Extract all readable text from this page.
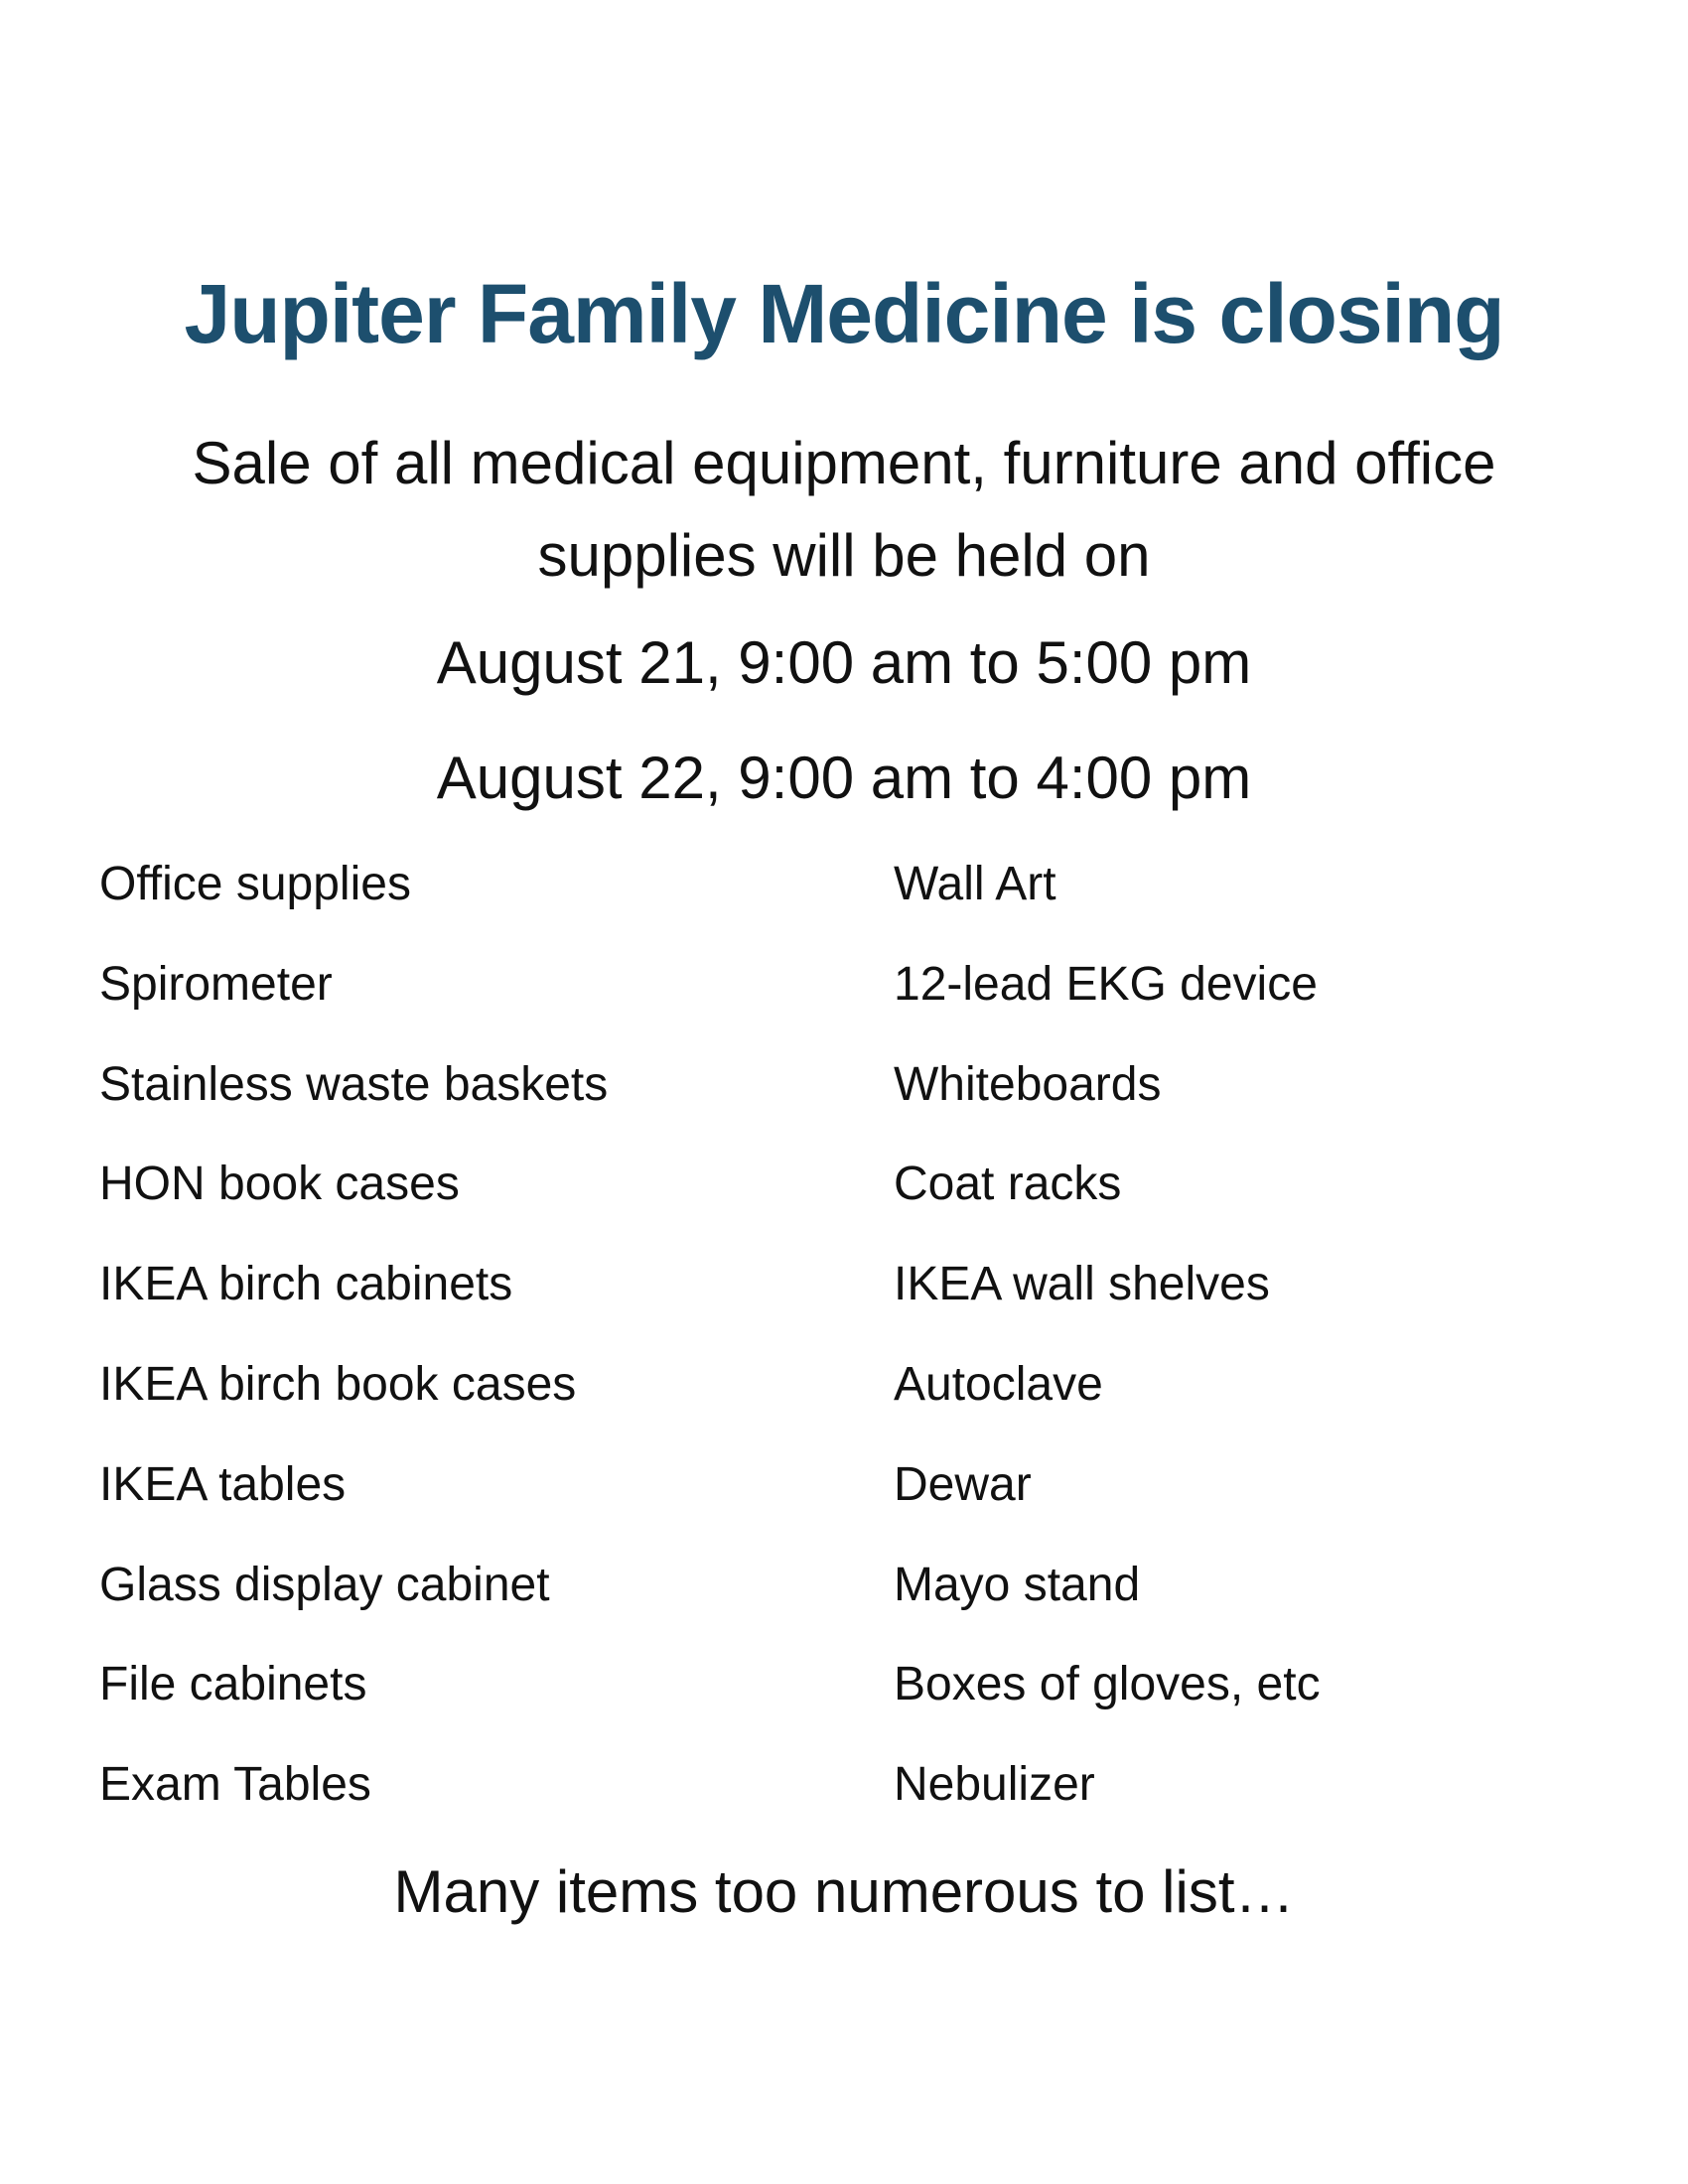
Jupiter Family Medicine is closing
Sale of all medical equipment, furniture and office supplies will be held on
August 21, 9:00 am to 5:00 pm
August 22, 9:00 am to 4:00 pm
Office supplies	Wall Art
Spirometer	12-lead EKG device
Stainless waste baskets	Whiteboards
HON book cases	Coat racks
IKEA birch cabinets	IKEA wall shelves
IKEA birch book cases	Autoclave
IKEA tables	Dewar
Glass display cabinet	Mayo stand
File cabinets	Boxes of gloves, etc
Exam Tables	Nebulizer
Many items too numerous to list…
